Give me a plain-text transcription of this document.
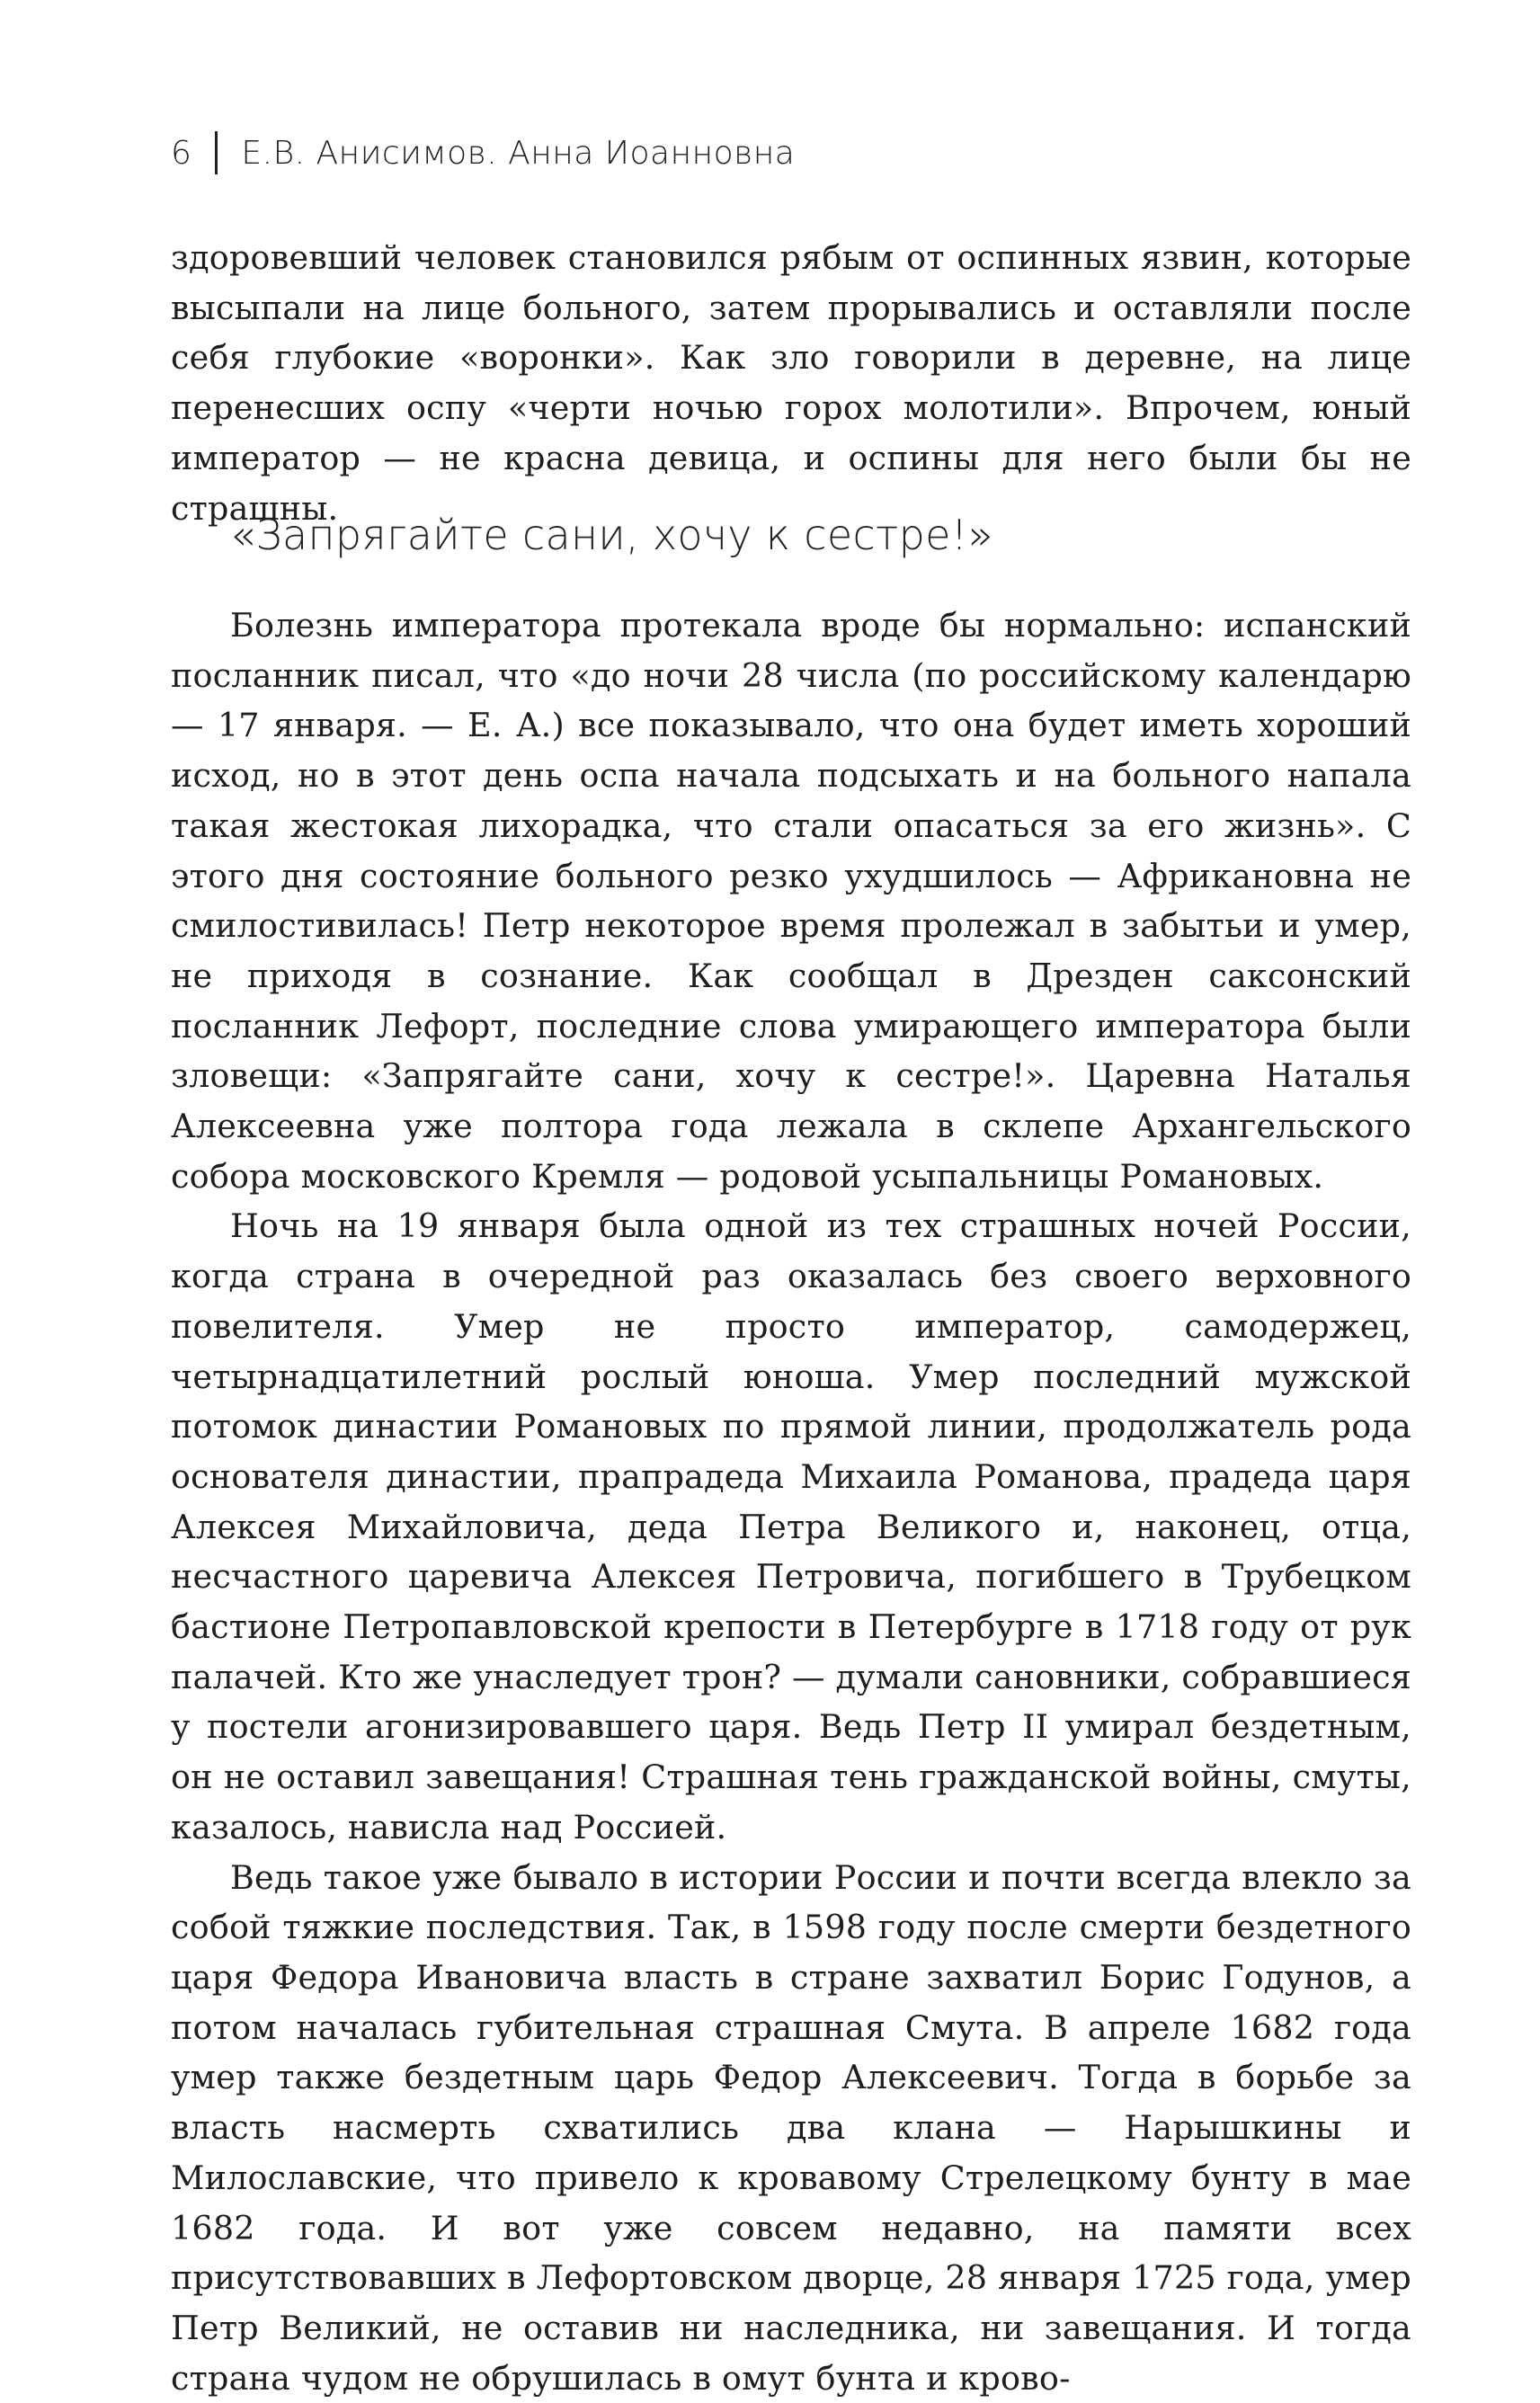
6 Е.В. Анисимов. Анна Иоанновна

здоровевший человек становился рябым от оспинных язвин, которые высыпали на лице больного, затем прорывались и оставляли после себя глубокие «воронки». Как зло говорили в деревне, на лице перенесших оспу «черти ночью горох молотили». Впрочем, юный император — не красна девица, и оспины для него были бы не страшны.

«Запрягайте сани, хочу к сестре!»

Болезнь императора протекала вроде бы нормально: испанский посланник писал, что «до ночи 28 числа (по российскому календарю — 17 января. — Е. А.) все показывало, что она будет иметь хороший исход, но в этот день оспа начала подсыхать и на больного напала такая жестокая лихорадка, что стали опасаться за его жизнь». С этого дня состояние больного резко ухудшилось — Африкановна не смилостивилась! Петр некоторое время пролежал в забытьи и умер, не приходя в сознание. Как сообщал в Дрезден саксонский посланник Лефорт, последние слова умирающего императора были зловещи: «Запрягайте сани, хочу к сестре!». Царевна Наталья Алексеевна уже полтора года лежала в склепе Архангельского собора московского Кремля — родовой усыпальницы Романовых.

Ночь на 19 января была одной из тех страшных ночей России, когда страна в очередной раз оказалась без своего верховного повелителя. Умер не просто император, самодержец, четырнадцатилетний рослый юноша. Умер последний мужской потомок династии Романовых по прямой линии, продолжатель рода основателя династии, прапрадеда Михаила Романова, прадеда царя Алексея Михайловича, деда Петра Великого и, наконец, отца, несчастного царевича Алексея Петровича, погибшего в Трубецком бастионе Петропавловской крепости в Петербурге в 1718 году от рук палачей. Кто же унаследует трон? — думали сановники, собравшиеся у постели агонизировавшего царя. Ведь Петр II умирал бездетным, он не оставил завещания! Страшная тень гражданской войны, смуты, казалось, нависла над Россией.

Ведь такое уже бывало в истории России и почти всегда влекло за собой тяжкие последствия. Так, в 1598 году после смерти бездетного царя Федора Ивановича власть в стране захватил Борис Годунов, а потом началась губительная страшная Смута. В апреле 1682 года умер также бездетным царь Федор Алексеевич. Тогда в борьбе за власть насмерть схватились два клана — Нарышкины и Милославские, что привело к кровавому Стрелецкому бунту в мае 1682 года. И вот уже совсем недавно, на памяти всех присутствовавших в Лефортовском дворце, 28 января 1725 года, умер Петр Великий, не оставив ни наследника, ни завещания. И тогда страна чудом не обрушилась в омут бунта и крово-
